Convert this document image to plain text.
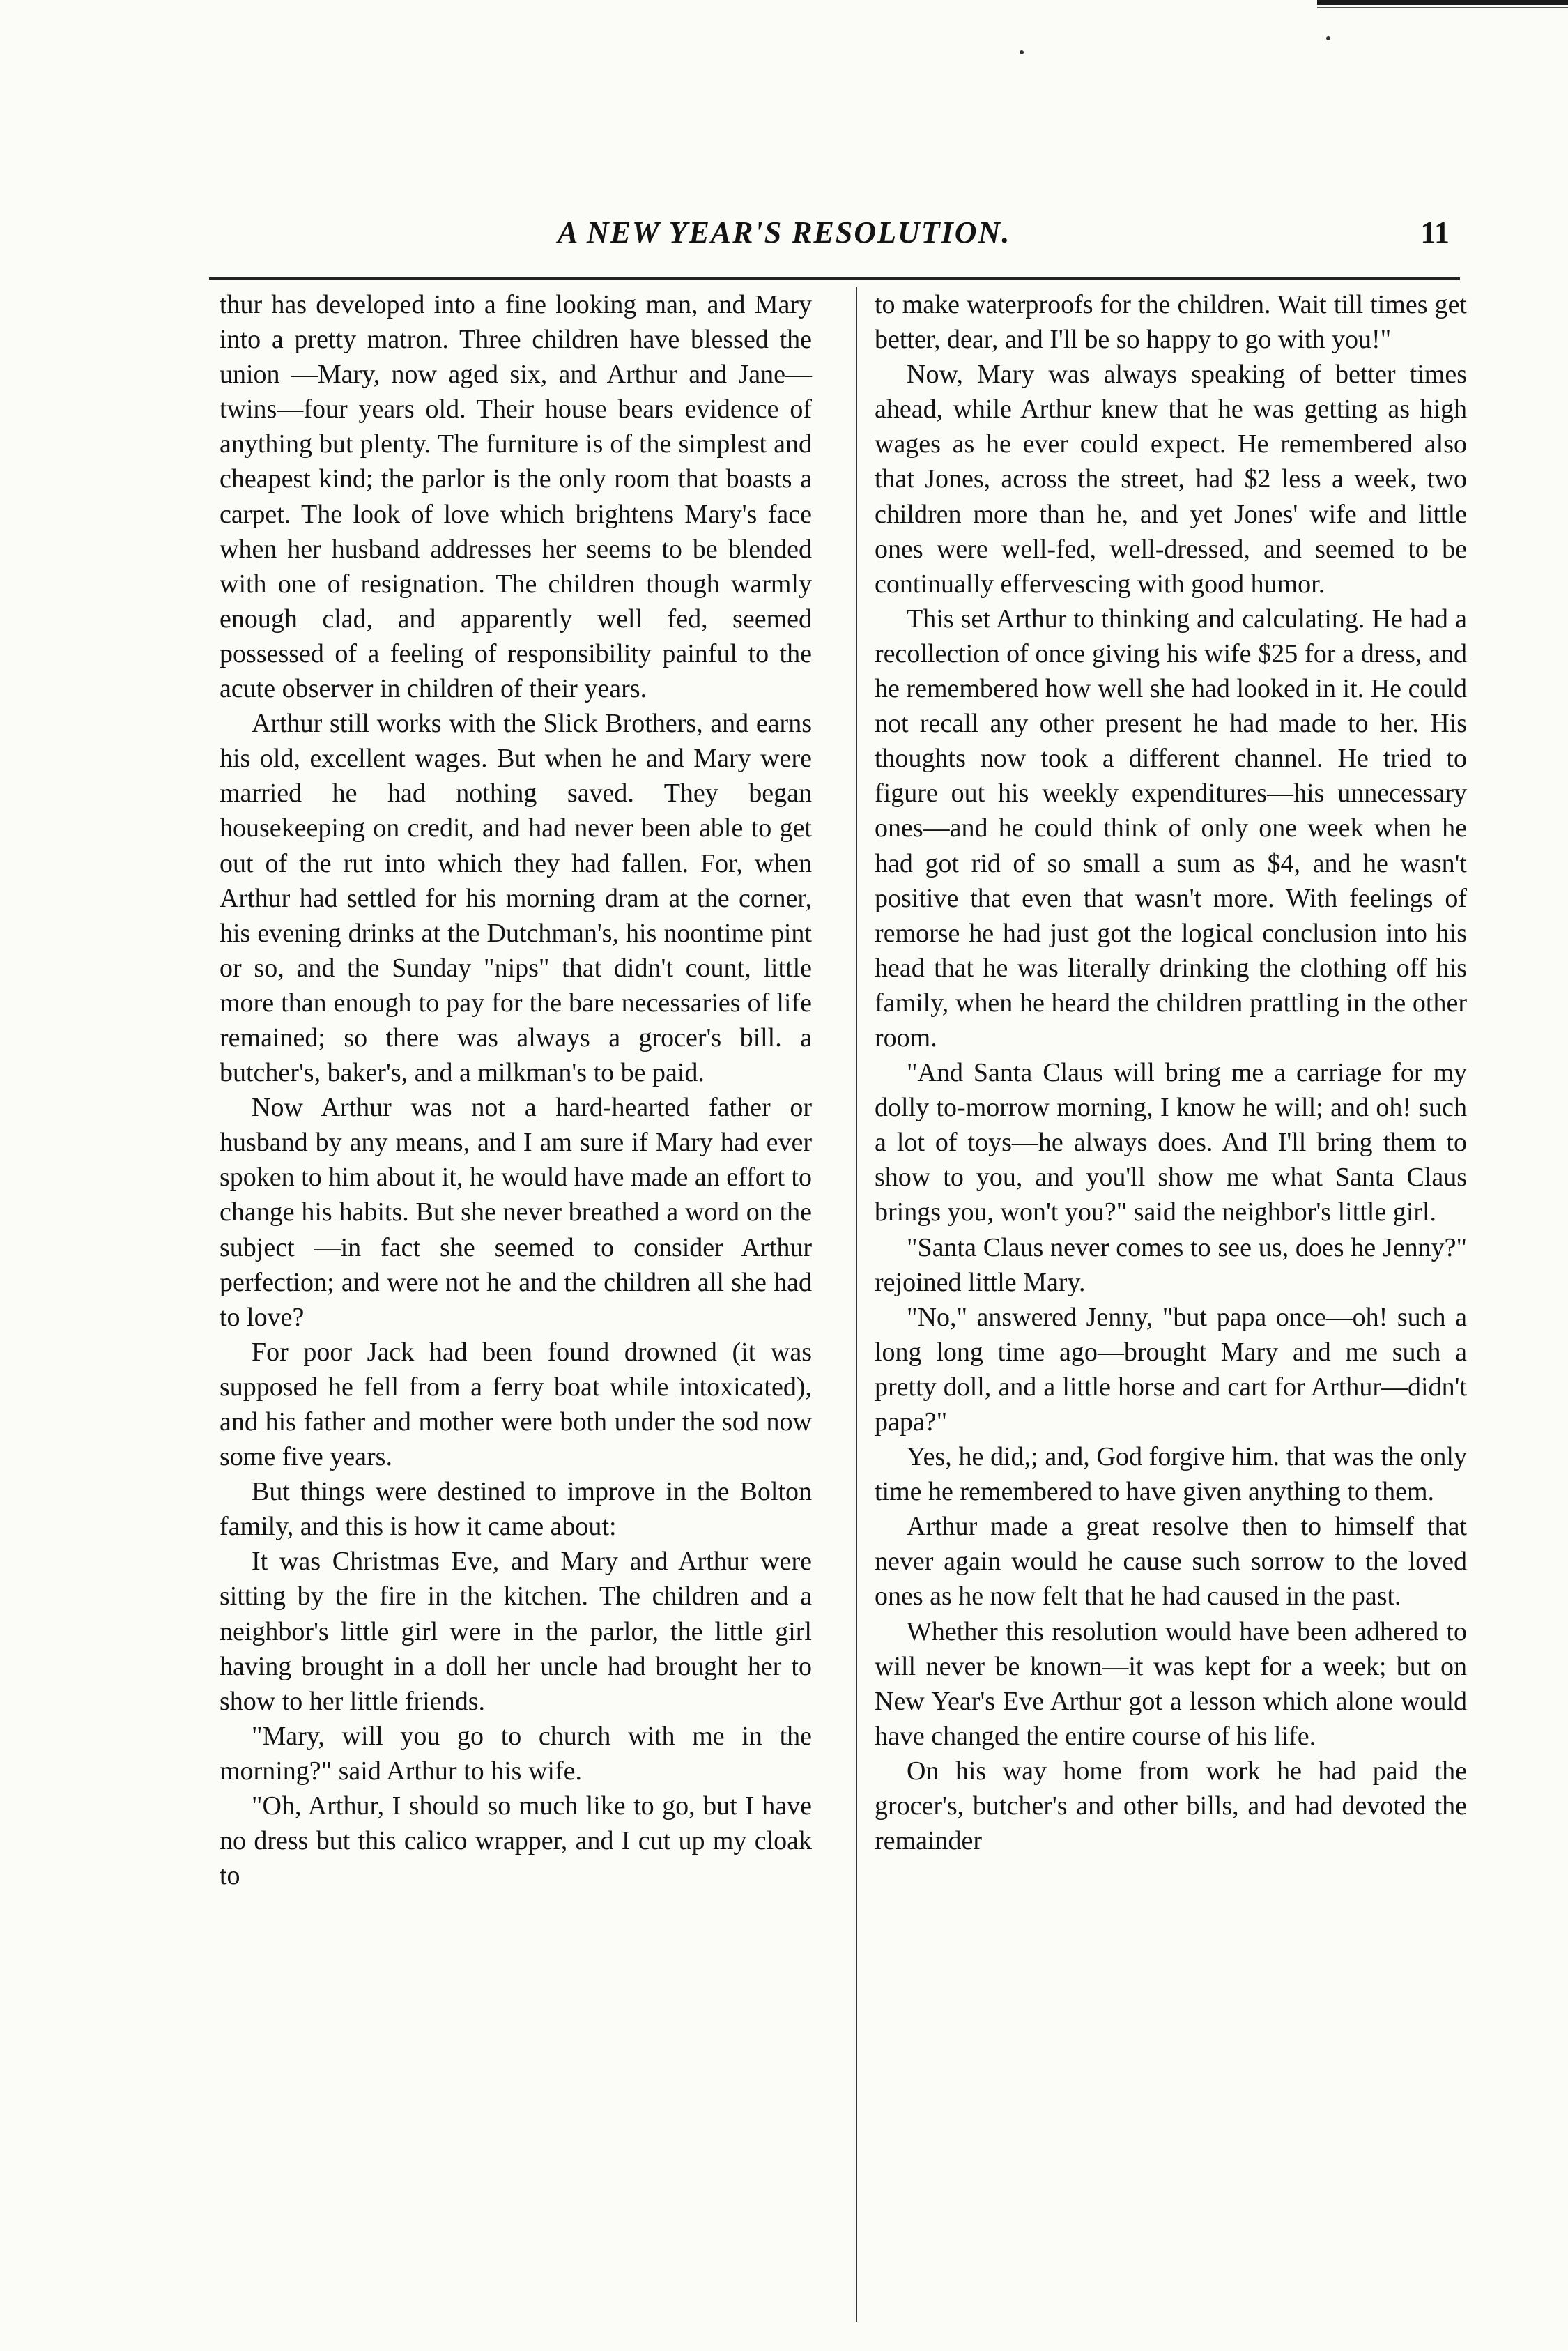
A NEW YEAR'S RESOLUTION.	11

thur has developed into a fine looking man, and Mary into a pretty matron. Three children have blessed the union —Mary, now aged six, and Arthur and Jane—twins—four years old. Their house bears evidence of anything but plenty. The furniture is of the simplest and cheapest kind; the parlor is the only room that boasts a carpet. The look of love which brightens Mary's face when her husband addresses her seems to be blended with one of resignation. The children though warmly enough clad, and apparently well fed, seemed possessed of a feeling of responsibility painful to the acute observer in children of their years.

Arthur still works with the Slick Brothers, and earns his old, excellent wages. But when he and Mary were married he had nothing saved. They began housekeeping on credit, and had never been able to get out of the rut into which they had fallen. For, when Arthur had settled for his morning dram at the corner, his evening drinks at the Dutchman's, his noontime pint or so, and the Sunday "nips" that didn't count, little more than enough to pay for the bare necessaries of life remained; so there was always a grocer's bill. a butcher's, baker's, and a milkman's to be paid.

Now Arthur was not a hard-hearted father or husband by any means, and I am sure if Mary had ever spoken to him about it, he would have made an effort to change his habits. But she never breathed a word on the subject —in fact she seemed to consider Arthur perfection; and were not he and the children all she had to love?

For poor Jack had been found drowned (it was supposed he fell from a ferry boat while intoxicated), and his father and mother were both under the sod now some five years.

But things were destined to improve in the Bolton family, and this is how it came about:

It was Christmas Eve, and Mary and Arthur were sitting by the fire in the kitchen. The children and a neighbor's little girl were in the parlor, the little girl having brought in a doll her uncle had brought her to show to her little friends.

"Mary, will you go to church with me in the morning?" said Arthur to his wife.

"Oh, Arthur, I should so much like to go, but I have no dress but this calico wrapper, and I cut up my cloak to

to make waterproofs for the children. Wait till times get better, dear, and I'll be so happy to go with you!"

Now, Mary was always speaking of better times ahead, while Arthur knew that he was getting as high wages as he ever could expect. He remembered also that Jones, across the street, had $2 less a week, two children more than he, and yet Jones' wife and little ones were well-fed, well-dressed, and seemed to be continually effervescing with good humor.

This set Arthur to thinking and calculating. He had a recollection of once giving his wife $25 for a dress, and he remembered how well she had looked in it. He could not recall any other present he had made to her. His thoughts now took a different channel. He tried to figure out his weekly expenditures—his unnecessary ones—and he could think of only one week when he had got rid of so small a sum as $4, and he wasn't positive that even that wasn't more. With feelings of remorse he had just got the logical conclusion into his head that he was literally drinking the clothing off his family, when he heard the children prattling in the other room.

"And Santa Claus will bring me a carriage for my dolly to-morrow morning, I know he will; and oh! such a lot of toys—he always does. And I'll bring them to show to you, and you'll show me what Santa Claus brings you, won't you?" said the neighbor's little girl.

"Santa Claus never comes to see us, does he Jenny?" rejoined little Mary.

"No," answered Jenny, "but papa once—oh! such a long long time ago—brought Mary and me such a pretty doll, and a little horse and cart for Arthur—didn't papa?"

Yes, he did,; and, God forgive him. that was the only time he remembered to have given anything to them.

Arthur made a great resolve then to himself that never again would he cause such sorrow to the loved ones as he now felt that he had caused in the past.

Whether this resolution would have been adhered to will never be known—it was kept for a week; but on New Year's Eve Arthur got a lesson which alone would have changed the entire course of his life.

On his way home from work he had paid the grocer's, butcher's and other bills, and had devoted the remainder
